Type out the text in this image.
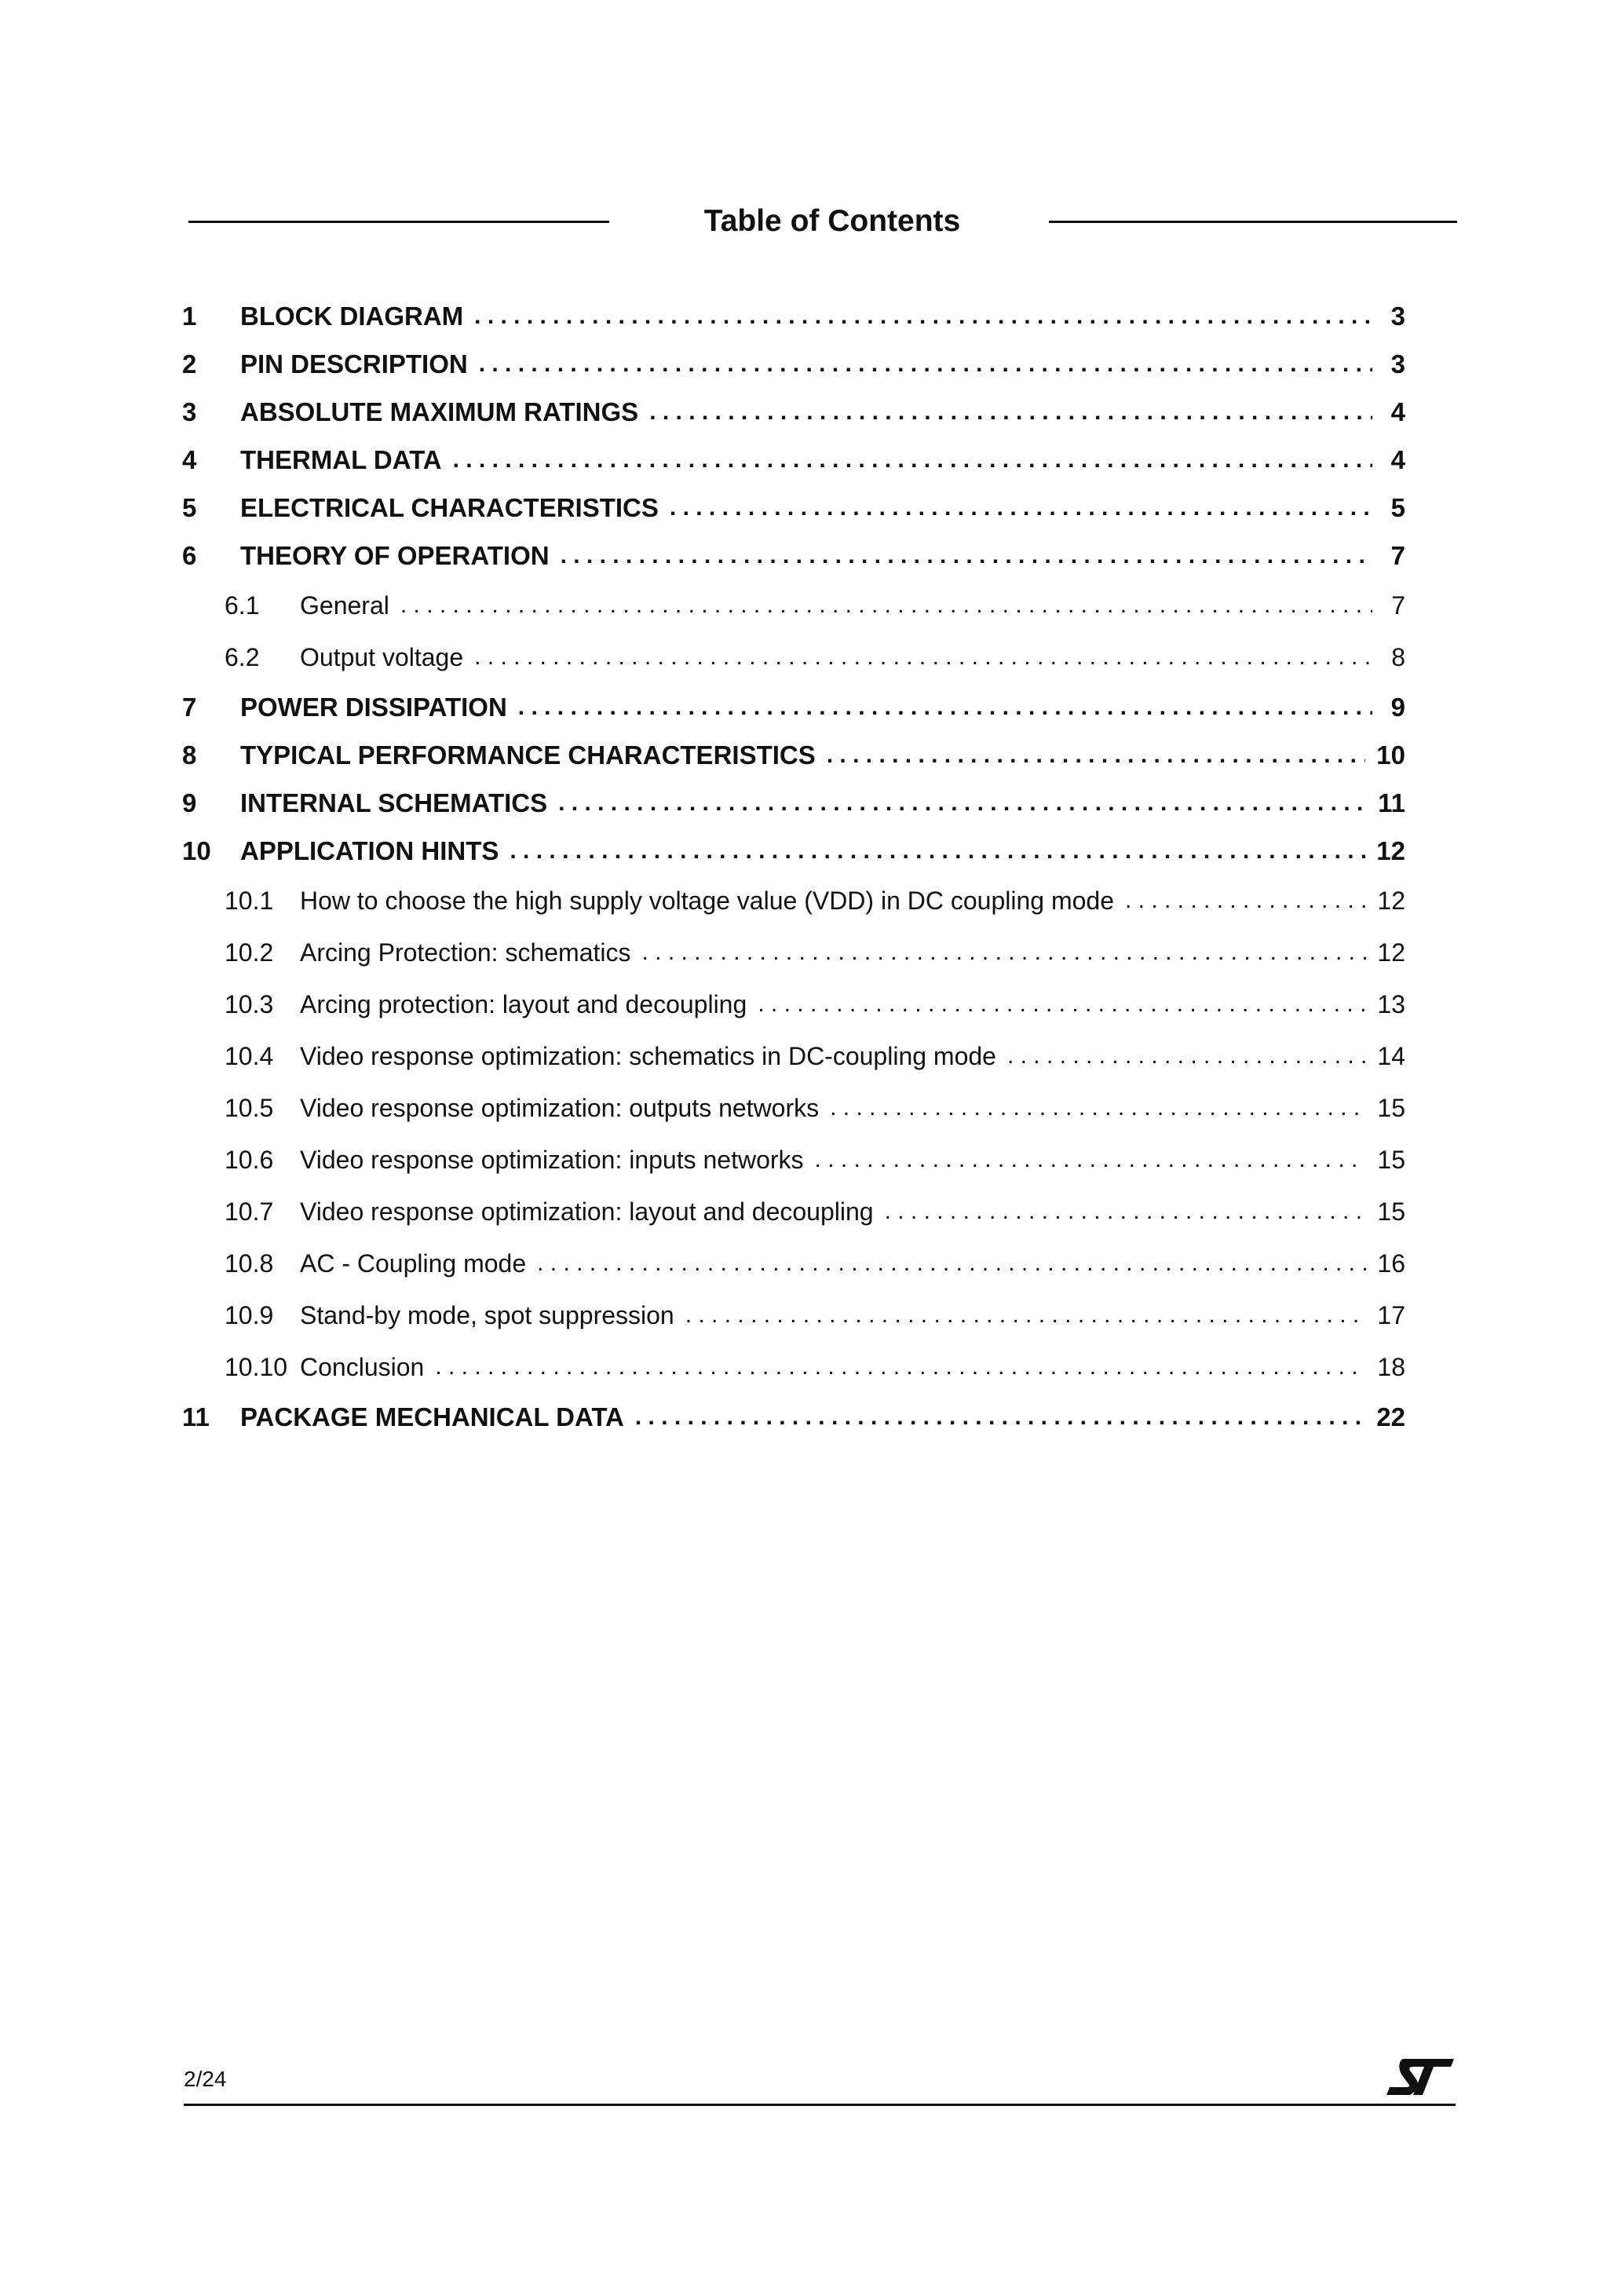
Table of Contents
1	BLOCK DIAGRAM . . .	3
2	PIN DESCRIPTION . . .	3
3	ABSOLUTE MAXIMUM RATINGS . . .	4
4	THERMAL DATA . . .	4
5	ELECTRICAL CHARACTERISTICS . . .	5
6	THEORY OF OPERATION . . .	7
6.1	General . . .	7
6.2	Output voltage . . .	8
7	POWER DISSIPATION . . .	9
8	TYPICAL PERFORMANCE CHARACTERISTICS . . .	10
9	INTERNAL SCHEMATICS . . .	11
10	APPLICATION HINTS . . .	12
10.1	How to choose the high supply voltage value (VDD) in DC coupling mode . . .	12
10.2	Arcing Protection: schematics . . .	12
10.3	Arcing protection: layout and decoupling . . .	13
10.4	Video response optimization: schematics in DC-coupling mode . . .	14
10.5	Video response optimization: outputs networks . . .	15
10.6	Video response optimization: inputs networks . . .	15
10.7	Video response optimization: layout and decoupling . . .	15
10.8	AC - Coupling mode . . .	16
10.9	Stand-by mode, spot suppression . . .	17
10.10 Conclusion . . .	18
11	PACKAGE MECHANICAL DATA . . .	22
2/24
